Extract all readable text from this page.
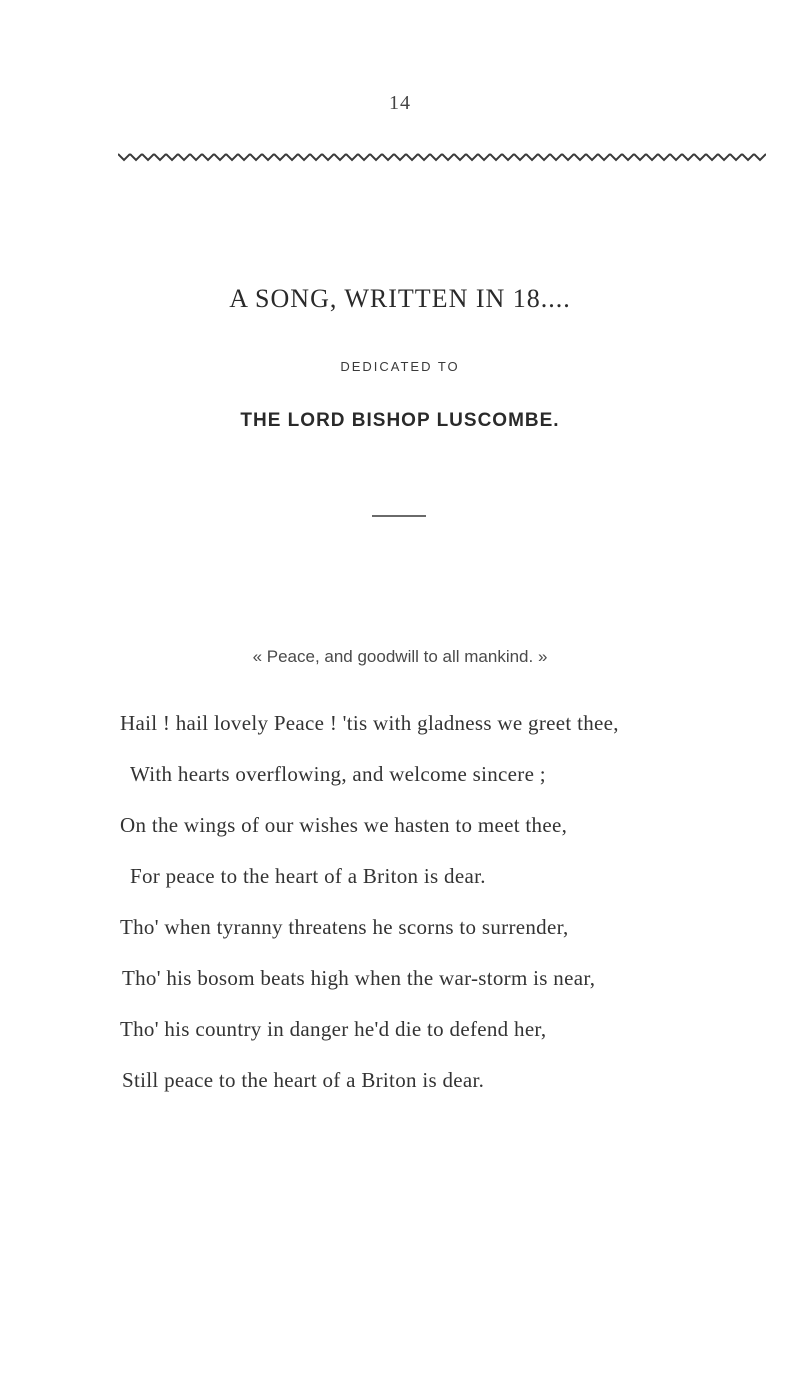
14
A SONG, WRITTEN IN 18....
DEDICATED TO
THE LORD BISHOP LUSCOMBE.
« Peace, and goodwill to all mankind. »
Hail ! hail lovely Peace ! 'tis with gladness we greet thee,
With hearts overflowing, and welcome sincere ;
On the wings of our wishes we hasten to meet thee,
For peace to the heart of a Briton is dear.
Tho' when tyranny threatens he scorns to surrender,
Tho' his bosom beats high when the war-storm is near,
Tho' his country in danger he'd die to defend her,
Still peace to the heart of a Briton is dear.
